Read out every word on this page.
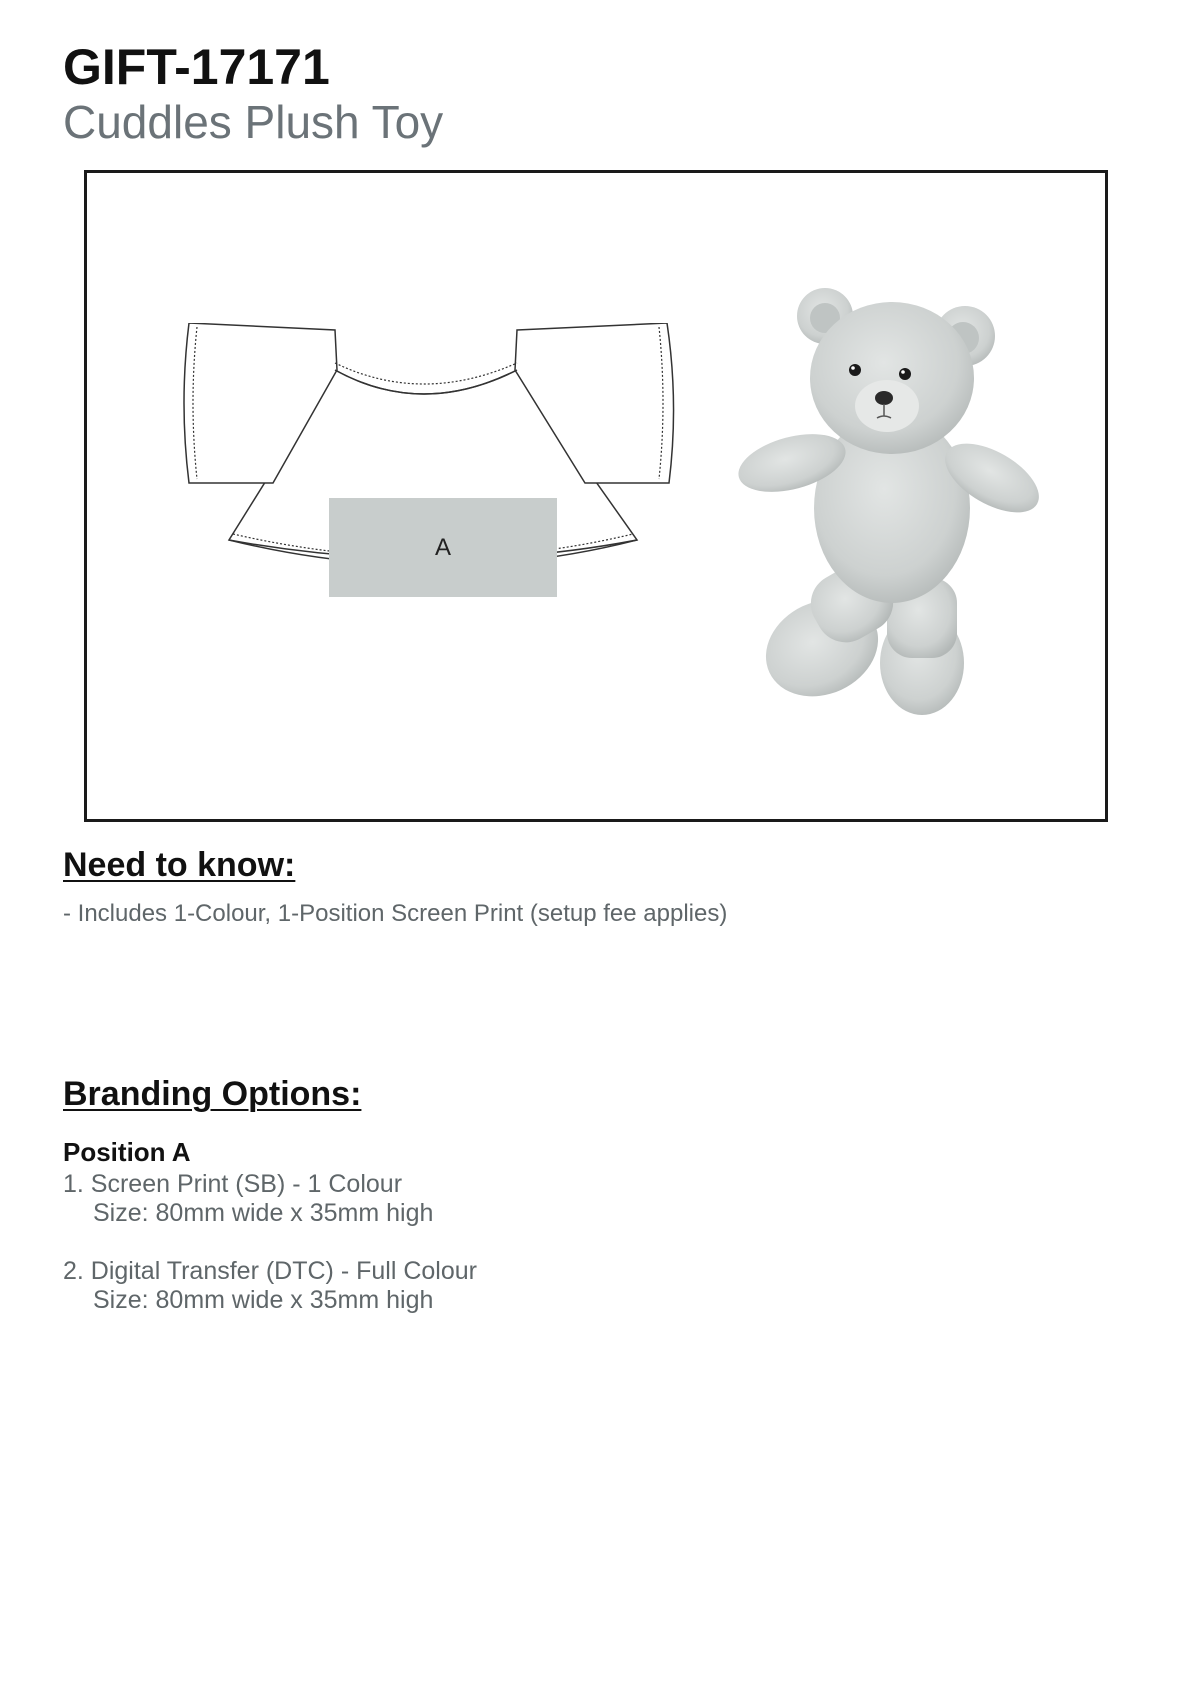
GIFT-17171
Cuddles Plush Toy
A
Need to know:
- Includes 1-Colour, 1-Position Screen Print (setup fee applies)
Branding Options:
Position A
1. Screen Print (SB) - 1 Colour
Size: 80mm wide x 35mm high
2. Digital Transfer (DTC) - Full Colour
Size: 80mm wide x 35mm high
